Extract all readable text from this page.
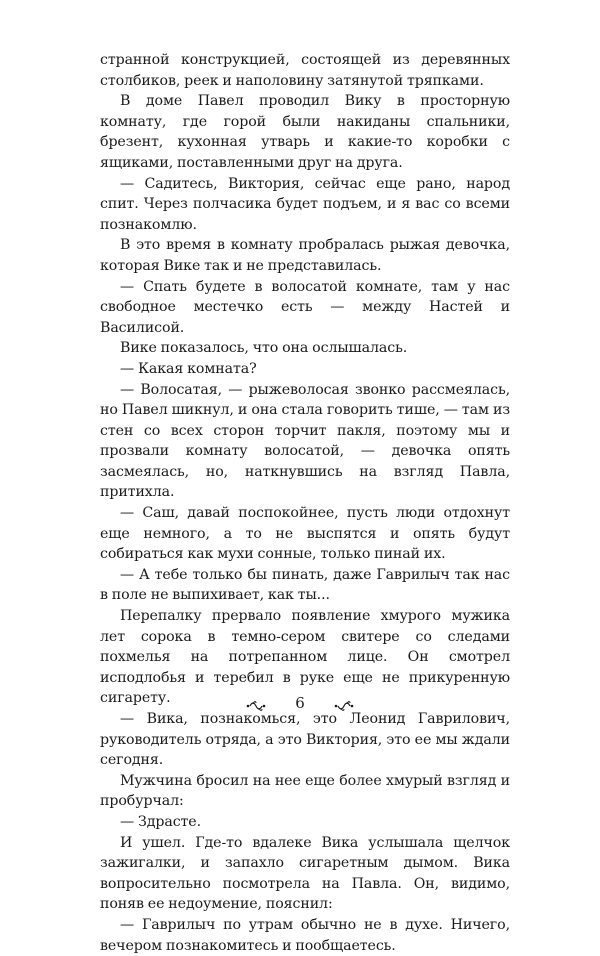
странной конструкцией, состоящей из деревянных столбиков, реек и наполовину затянутой тряпками.

В доме Павел проводил Вику в просторную комнату, где горой были накиданы спальники, брезент, кухонная утварь и какие-то коробки с ящиками, поставленными друг на друга.

— Садитесь, Виктория, сейчас еще рано, народ спит. Через полчасика будет подъем, и я вас со всеми познакомлю.

В это время в комнату пробралась рыжая девочка, которая Вике так и не представилась.

— Спать будете в волосатой комнате, там у нас свободное местечко есть — между Настей и Василисой.

Вике показалось, что она ослышалась.

— Какая комната?

— Волосатая, — рыжеволосая звонко рассмеялась, но Павел шикнул, и она стала говорить тише, — там из стен со всех сторон торчит пакля, поэтому мы и прозвали комнату волосатой, — девочка опять засмеялась, но, наткнувшись на взгляд Павла, притихла.

— Саш, давай поспокойнее, пусть люди отдохнут еще немного, а то не выспятся и опять будут собираться как мухи сонные, только пинай их.

— А тебе только бы пинать, даже Гаврилыч так нас в поле не выпихивает, как ты...

Перепалку прервало появление хмурого мужика лет сорока в темно-сером свитере со следами похмелья на потрепанном лице. Он смотрел исподлобья и теребил в руке еще не прикуренную сигарету.

— Вика, познакомься, это Леонид Гаврилович, руководитель отряда, а это Виктория, это ее мы ждали сегодня.

Мужчина бросил на нее еще более хмурый взгляд и пробурчал:

— Здрасте.

И ушел. Где-то вдалеке Вика услышала щелчок зажигалки, и запахло сигаретным дымом. Вика вопросительно посмотрела на Павла. Он, видимо, поняв ее недоумение, пояснил:

— Гаврилыч по утрам обычно не в духе. Ничего, вечером познакомитесь и пообщаетесь.

6
